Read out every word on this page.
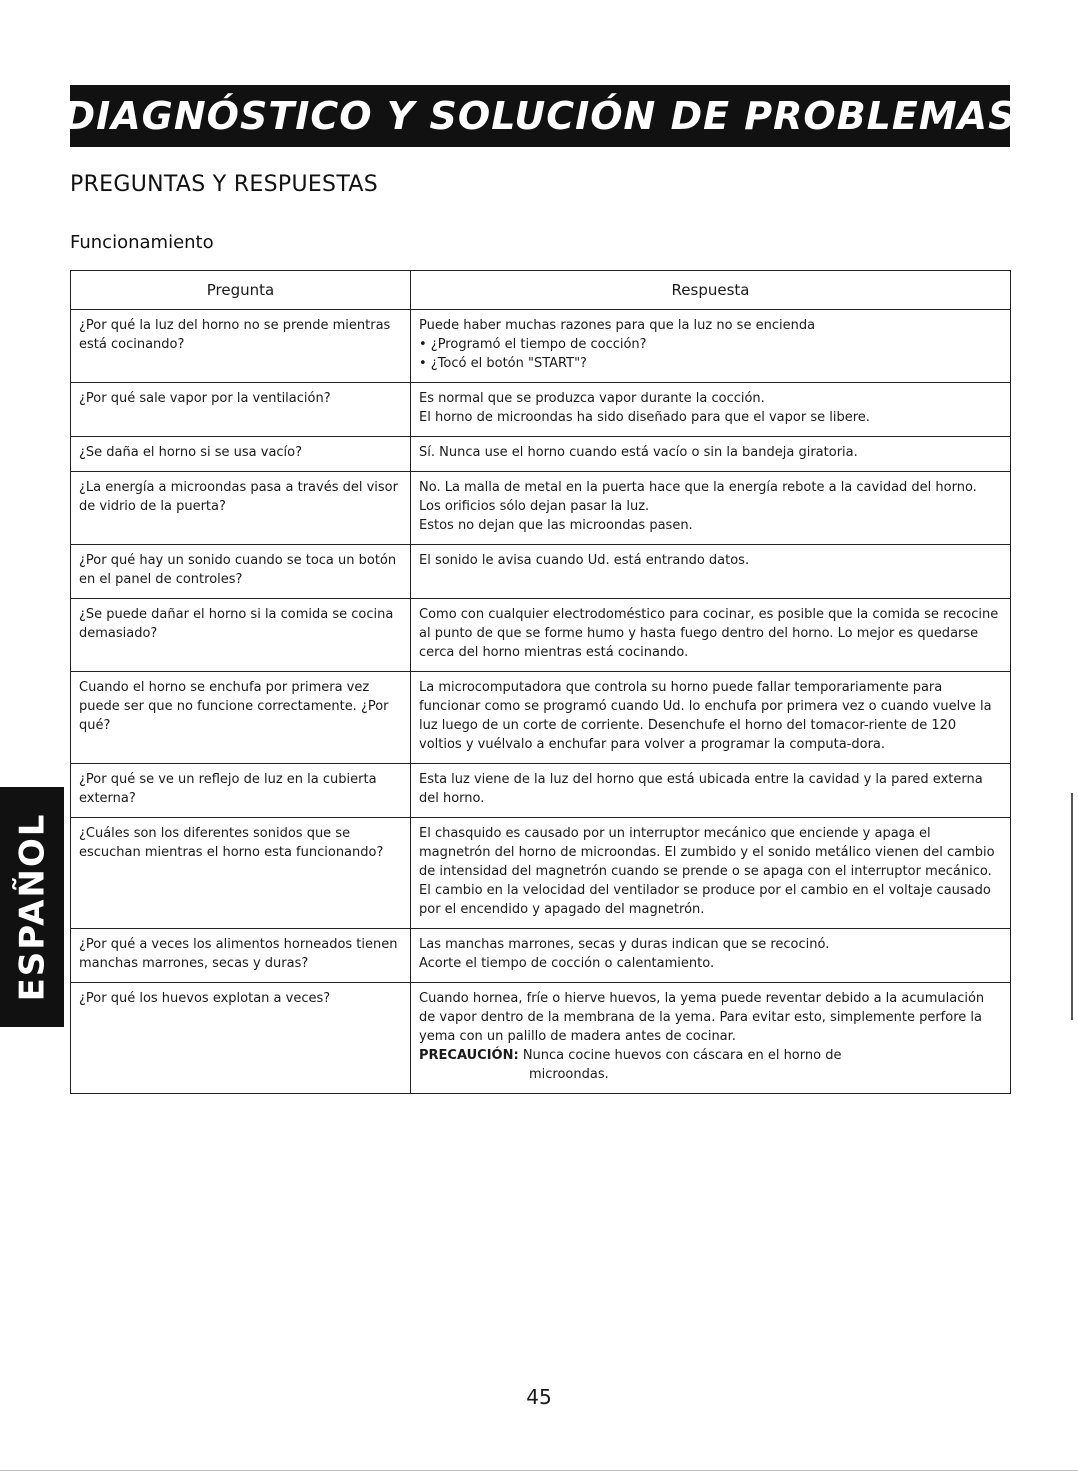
DIAGNÓSTICO Y SOLUCIÓN DE PROBLEMAS
PREGUNTAS Y RESPUESTAS
Funcionamiento
Pregunta	Respuesta
¿Por qué la luz del horno no se prende mientras está cocinando?	Puede haber muchas razones para que la luz no se encienda
• ¿Programó el tiempo de cocción?
• ¿Tocó el botón "START"?

¿Por qué sale vapor por la ventilación?	Es normal que se produzca vapor durante la cocción.
El horno de microondas ha sido diseñado para que el vapor se libere.

¿Se daña el horno si se usa vacío?	Sí. Nunca use el horno cuando está vacío o sin la bandeja giratoria.

¿La energía a microondas pasa a través del visor de vidrio de la puerta?	No. La malla de metal en la puerta hace que la energía rebote a la cavidad del horno. Los orificios sólo dejan pasar la luz.
Estos no dejan que las microondas pasen.

¿Por qué hay un sonido cuando se toca un botón en el panel de controles?	El sonido le avisa cuando Ud. está entrando datos.

¿Se puede dañar el horno si la comida se cocina demasiado?	Como con cualquier electrodoméstico para cocinar, es posible que la comida se recocine al punto de que se forme humo y hasta fuego dentro del horno. Lo mejor es quedarse cerca del horno mientras está cocinando.

Cuando el horno se enchufa por primera vez puede ser que no funcione correctamente. ¿Por qué?	La microcomputadora que controla su horno puede fallar temporariamente para funcionar como se programó cuando Ud. lo enchufa por primera vez o cuando vuelve la luz luego de un corte de corriente. Desenchufe el horno del tomacor-riente de 120 voltios y vuélvalo a enchufar para volver a programar la computa-dora.

¿Por qué se ve un reflejo de luz en la cubierta externa?	Esta luz viene de la luz del horno que está ubicada entre la cavidad y la pared externa del horno.

¿Cuáles son los diferentes sonidos que se escuchan mientras el horno esta funcionando?	El chasquido es causado por un interruptor mecánico que enciende y apaga el magnetrón del horno de microondas. El zumbido y el sonido metálico vienen del cambio de intensidad del magnetrón cuando se prende o se apaga con el interruptor mecánico. El cambio en la velocidad del ventilador se produce por el cambio en el voltaje causado por el encendido y apagado del magnetrón.

¿Por qué a veces los alimentos horneados tienen manchas marrones, secas y duras?	Las manchas marrones, secas y duras indican que se recocinó.
Acorte el tiempo de cocción o calentamiento.

¿Por qué los huevos explotan a veces?	Cuando hornea, fríe o hierve huevos, la yema puede reventar debido a la acumulación de vapor dentro de la membrana de la yema. Para evitar esto, simplemente perfore la yema con un palillo de madera antes de cocinar.
PRECAUCIÓN: Nunca cocine huevos con cáscara en el horno de
microondas.
ESPAÑOL
45
